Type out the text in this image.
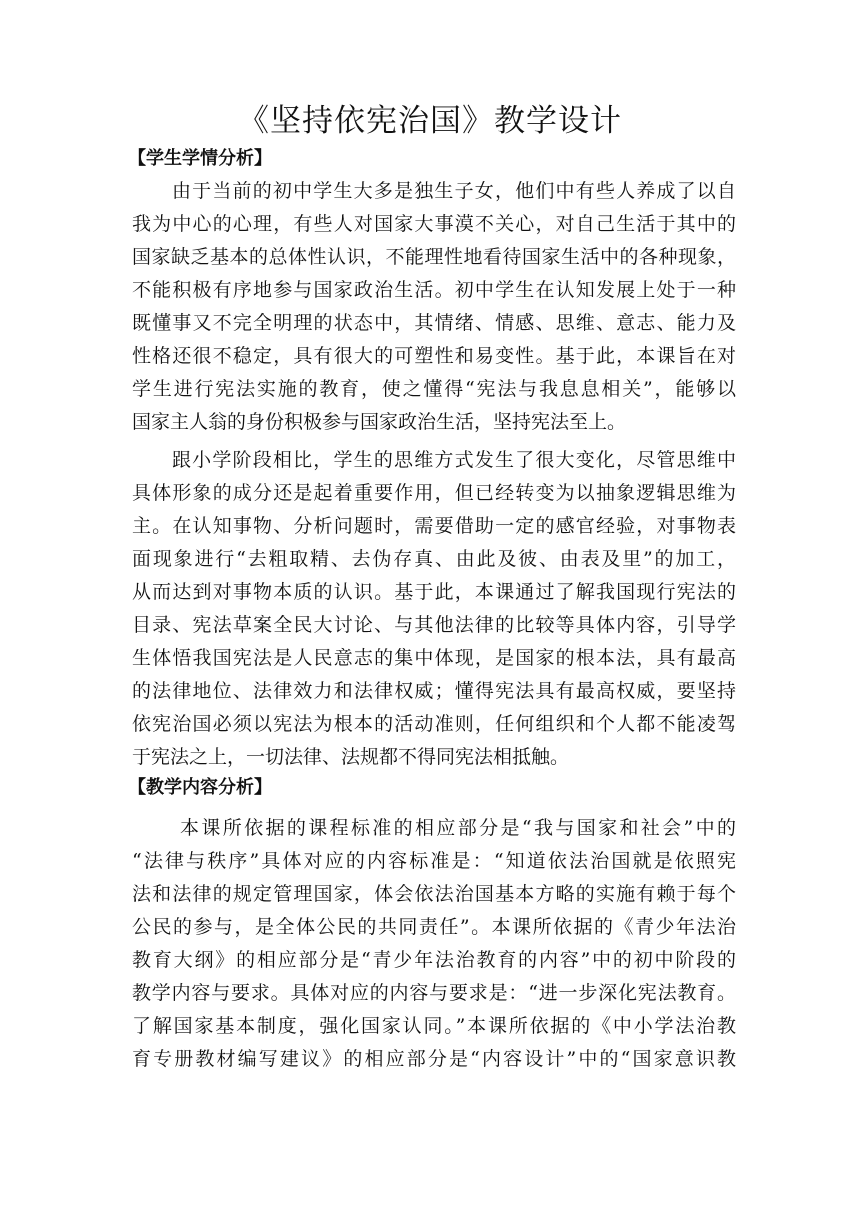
《坚持依宪治国》教学设计
【学生学情分析】
由于当前的初中学生大多是独生子女，他们中有些人养成了以自
我为中心的心理，有些人对国家大事漠不关心，对自己生活于其中的
国家缺乏基本的总体性认识，不能理性地看待国家生活中的各种现象，
不能积极有序地参与国家政治生活。初中学生在认知发展上处于一种
既懂事又不完全明理的状态中，其情绪、情感、思维、意志、能力及
性格还很不稳定，具有很大的可塑性和易变性。基于此，本课旨在对
学生进行宪法实施的教育，使之懂得“宪法与我息息相关”，能够以
国家主人翁的身份积极参与国家政治生活，坚持宪法至上。
跟小学阶段相比，学生的思维方式发生了很大变化，尽管思维中
具体形象的成分还是起着重要作用，但已经转变为以抽象逻辑思维为
主。在认知事物、分析问题时，需要借助一定的感官经验，对事物表
面现象进行“去粗取精、去伪存真、由此及彼、由表及里”的加工，
从而达到对事物本质的认识。基于此，本课通过了解我国现行宪法的
目录、宪法草案全民大讨论、与其他法律的比较等具体内容，引导学
生体悟我国宪法是人民意志的集中体现，是国家的根本法，具有最高
的法律地位、法律效力和法律权威；懂得宪法具有最高权威，要坚持
依宪治国必须以宪法为根本的活动准则，任何组织和个人都不能凌驾
于宪法之上，一切法律、法规都不得同宪法相抵触。
【教学内容分析】
本课所依据的课程标准的相应部分是“我与国家和社会”中的
“法律与秩序”具体对应的内容标准是：“知道依法治国就是依照宪
法和法律的规定管理国家，体会依法治国基本方略的实施有赖于每个
公民的参与，是全体公民的共同责任”。本课所依据的《青少年法治
教育大纲》的相应部分是“青少年法治教育的内容”中的初中阶段的
教学内容与要求。具体对应的内容与要求是：“进一步深化宪法教育。
了解国家基本制度，强化国家认同。”本课所依据的《中小学法治教
育专册教材编写建议》的相应部分是“内容设计”中的“国家意识教
